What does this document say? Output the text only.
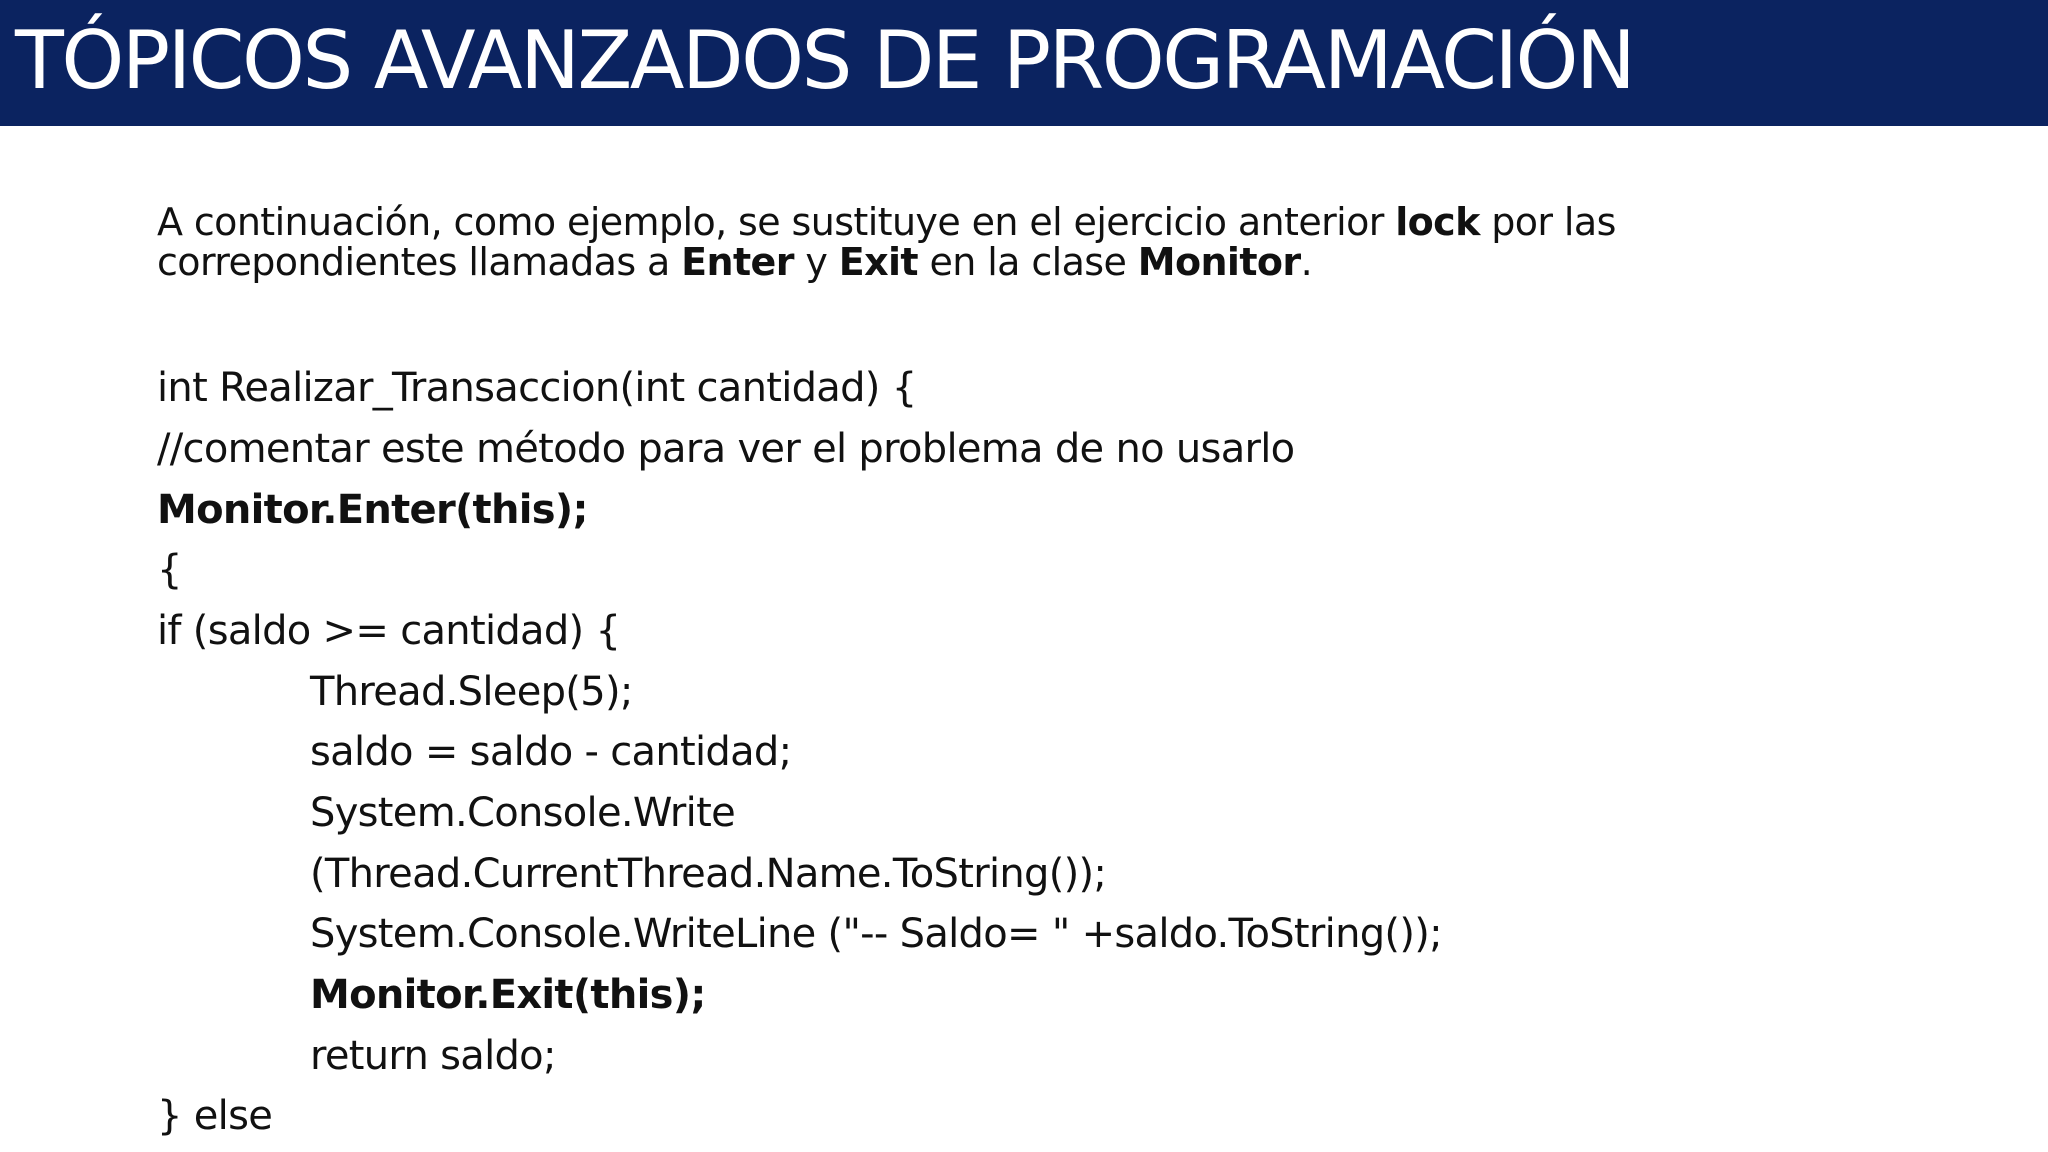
TÓPICOS AVANZADOS DE PROGRAMACIÓN
A continuación, como ejemplo, se sustituye en el ejercicio anterior lock por las correpondientes llamadas a Enter y Exit en la clase Monitor.
int Realizar_Transaccion(int cantidad) {
//comentar este método para ver el problema de no usarlo
Monitor.Enter(this);
{
if (saldo >= cantidad) {
Thread.Sleep(5);
saldo = saldo - cantidad;
System.Console.Write
(Thread.CurrentThread.Name.ToString());
System.Console.WriteLine ("-- Saldo= " +saldo.ToString());
Monitor.Exit(this);
return saldo;
} else
